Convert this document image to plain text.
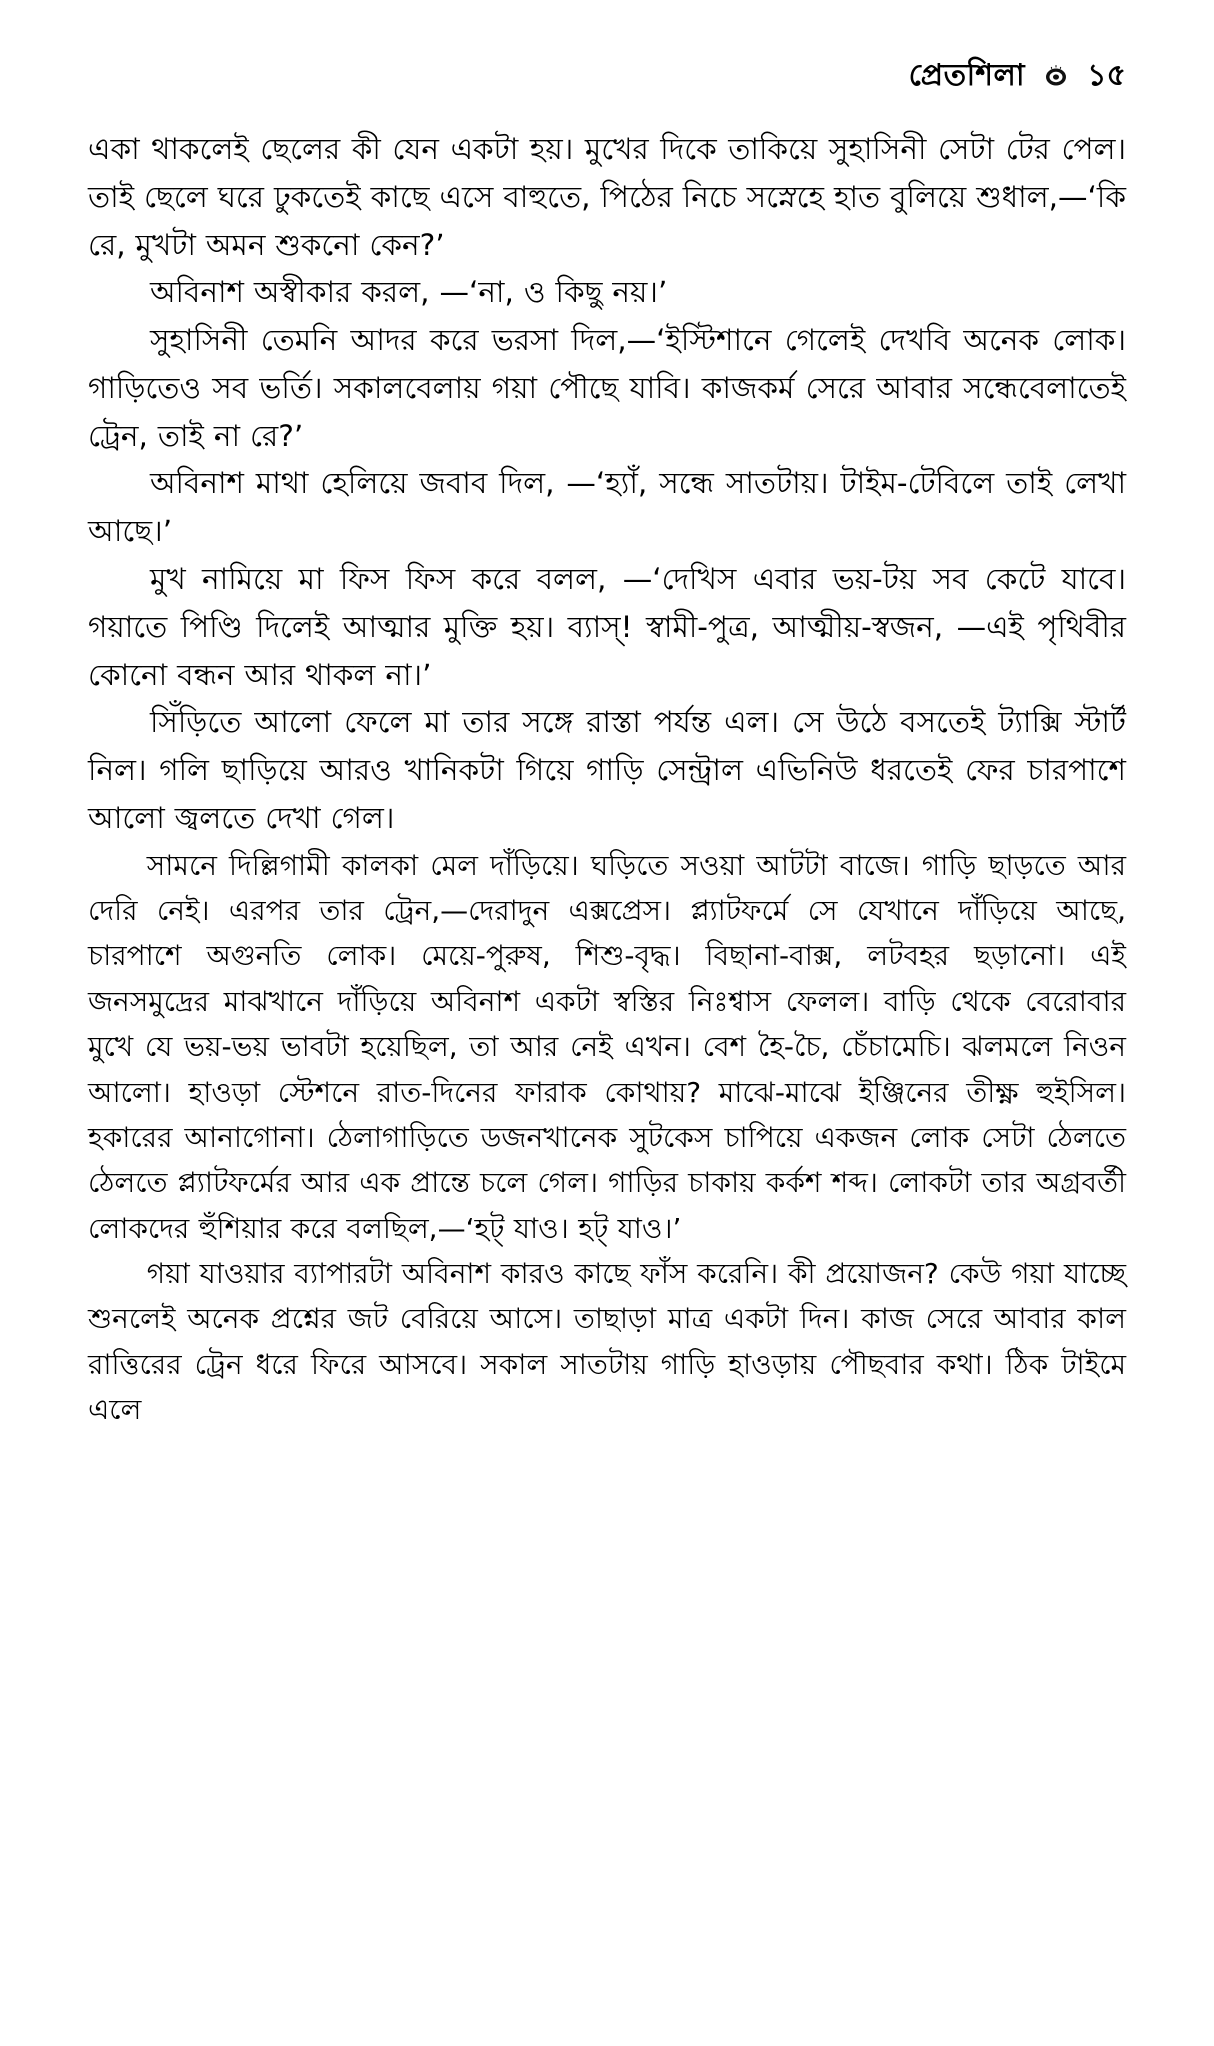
প্রেতশিলা ১৫

একা থাকলেই ছেলের কী যেন একটা হয়। মুখের দিকে তাকিয়ে সুহাসিনী সেটা টের পেল। তাই ছেলে ঘরে ঢুকতেই কাছে এসে বাহুতে, পিঠের নিচে সস্নেহে হাত বুলিয়ে শুধাল,—‘কি রে, মুখটা অমন শুকনো কেন?’

অবিনাশ অস্বীকার করল, —‘না, ও কিছু নয়।’

সুহাসিনী তেমনি আদর করে ভরসা দিল,—‘ইস্টিশানে গেলেই দেখবি অনেক লোক। গাড়িতেও সব ভর্তি। সকালবেলায় গয়া পৌছে যাবি। কাজকর্ম সেরে আবার সন্ধেবেলাতেই ট্রেন, তাই না রে?’

অবিনাশ মাথা হেলিয়ে জবাব দিল, —‘হ্যাঁ, সন্ধে সাতটায়। টাইম-টেবিলে তাই লেখা আছে।’

মুখ নামিয়ে মা ফিস ফিস করে বলল, —‘দেখিস এবার ভয়-টয় সব কেটে যাবে। গয়াতে পিণ্ডি দিলেই আত্মার মুক্তি হয়। ব্যাস্! স্বামী-পুত্র, আত্মীয়-স্বজন, —এই পৃথিবীর কোনো বন্ধন আর থাকল না।’

সিঁড়িতে আলো ফেলে মা তার সঙ্গে রাস্তা পর্যন্ত এল। সে উঠে বসতেই ট্যাক্সি স্টার্ট নিল। গলি ছাড়িয়ে আরও খানিকটা গিয়ে গাড়ি সেন্ট্রাল এভিনিউ ধরতেই ফের চারপাশে আলো জ্বলতে দেখা গেল।

সামনে দিল্লিগামী কালকা মেল দাঁড়িয়ে। ঘড়িতে সওয়া আটটা বাজে। গাড়ি ছাড়তে আর দেরি নেই। এরপর তার ট্রেন,—দেরাদুন এক্সপ্রেস। প্ল্যাটফর্মে সে যেখানে দাঁড়িয়ে আছে, চারপাশে অগুনতি লোক। মেয়ে-পুরুষ, শিশু-বৃদ্ধ। বিছানা-বাক্স, লটবহর ছড়ানো। এই জনসমুদ্রের মাঝখানে দাঁড়িয়ে অবিনাশ একটা স্বস্তির নিঃশ্বাস ফেলল। বাড়ি থেকে বেরোবার মুখে যে ভয়-ভয় ভাবটা হয়েছিল, তা আর নেই এখন। বেশ হৈ-চৈ, চেঁচামেচি। ঝলমলে নিওন আলো। হাওড়া স্টেশনে রাত-দিনের ফারাক কোথায়? মাঝে-মাঝে ইঞ্জিনের তীক্ষ্ণ হুইসিল। হকারের আনাগোনা। ঠেলাগাড়িতে ডজনখানেক সুটকেস চাপিয়ে একজন লোক সেটা ঠেলতে ঠেলতে প্ল্যাটফর্মের আর এক প্রান্তে চলে গেল। গাড়ির চাকায় কর্কশ শব্দ। লোকটা তার অগ্রবর্তী লোকদের হুঁশিয়ার করে বলছিল,—‘হট্ যাও। হট্ যাও।’

গয়া যাওয়ার ব্যাপারটা অবিনাশ কারও কাছে ফাঁস করেনি। কী প্রয়োজন? কেউ গয়া যাচ্ছে শুনলেই অনেক প্রশ্নের জট বেরিয়ে আসে। তাছাড়া মাত্র একটা দিন। কাজ সেরে আবার কাল রাত্তিরের ট্রেন ধরে ফিরে আসবে। সকাল সাতটায় গাড়ি হাওড়ায় পৌছবার কথা। ঠিক টাইমে এলে
